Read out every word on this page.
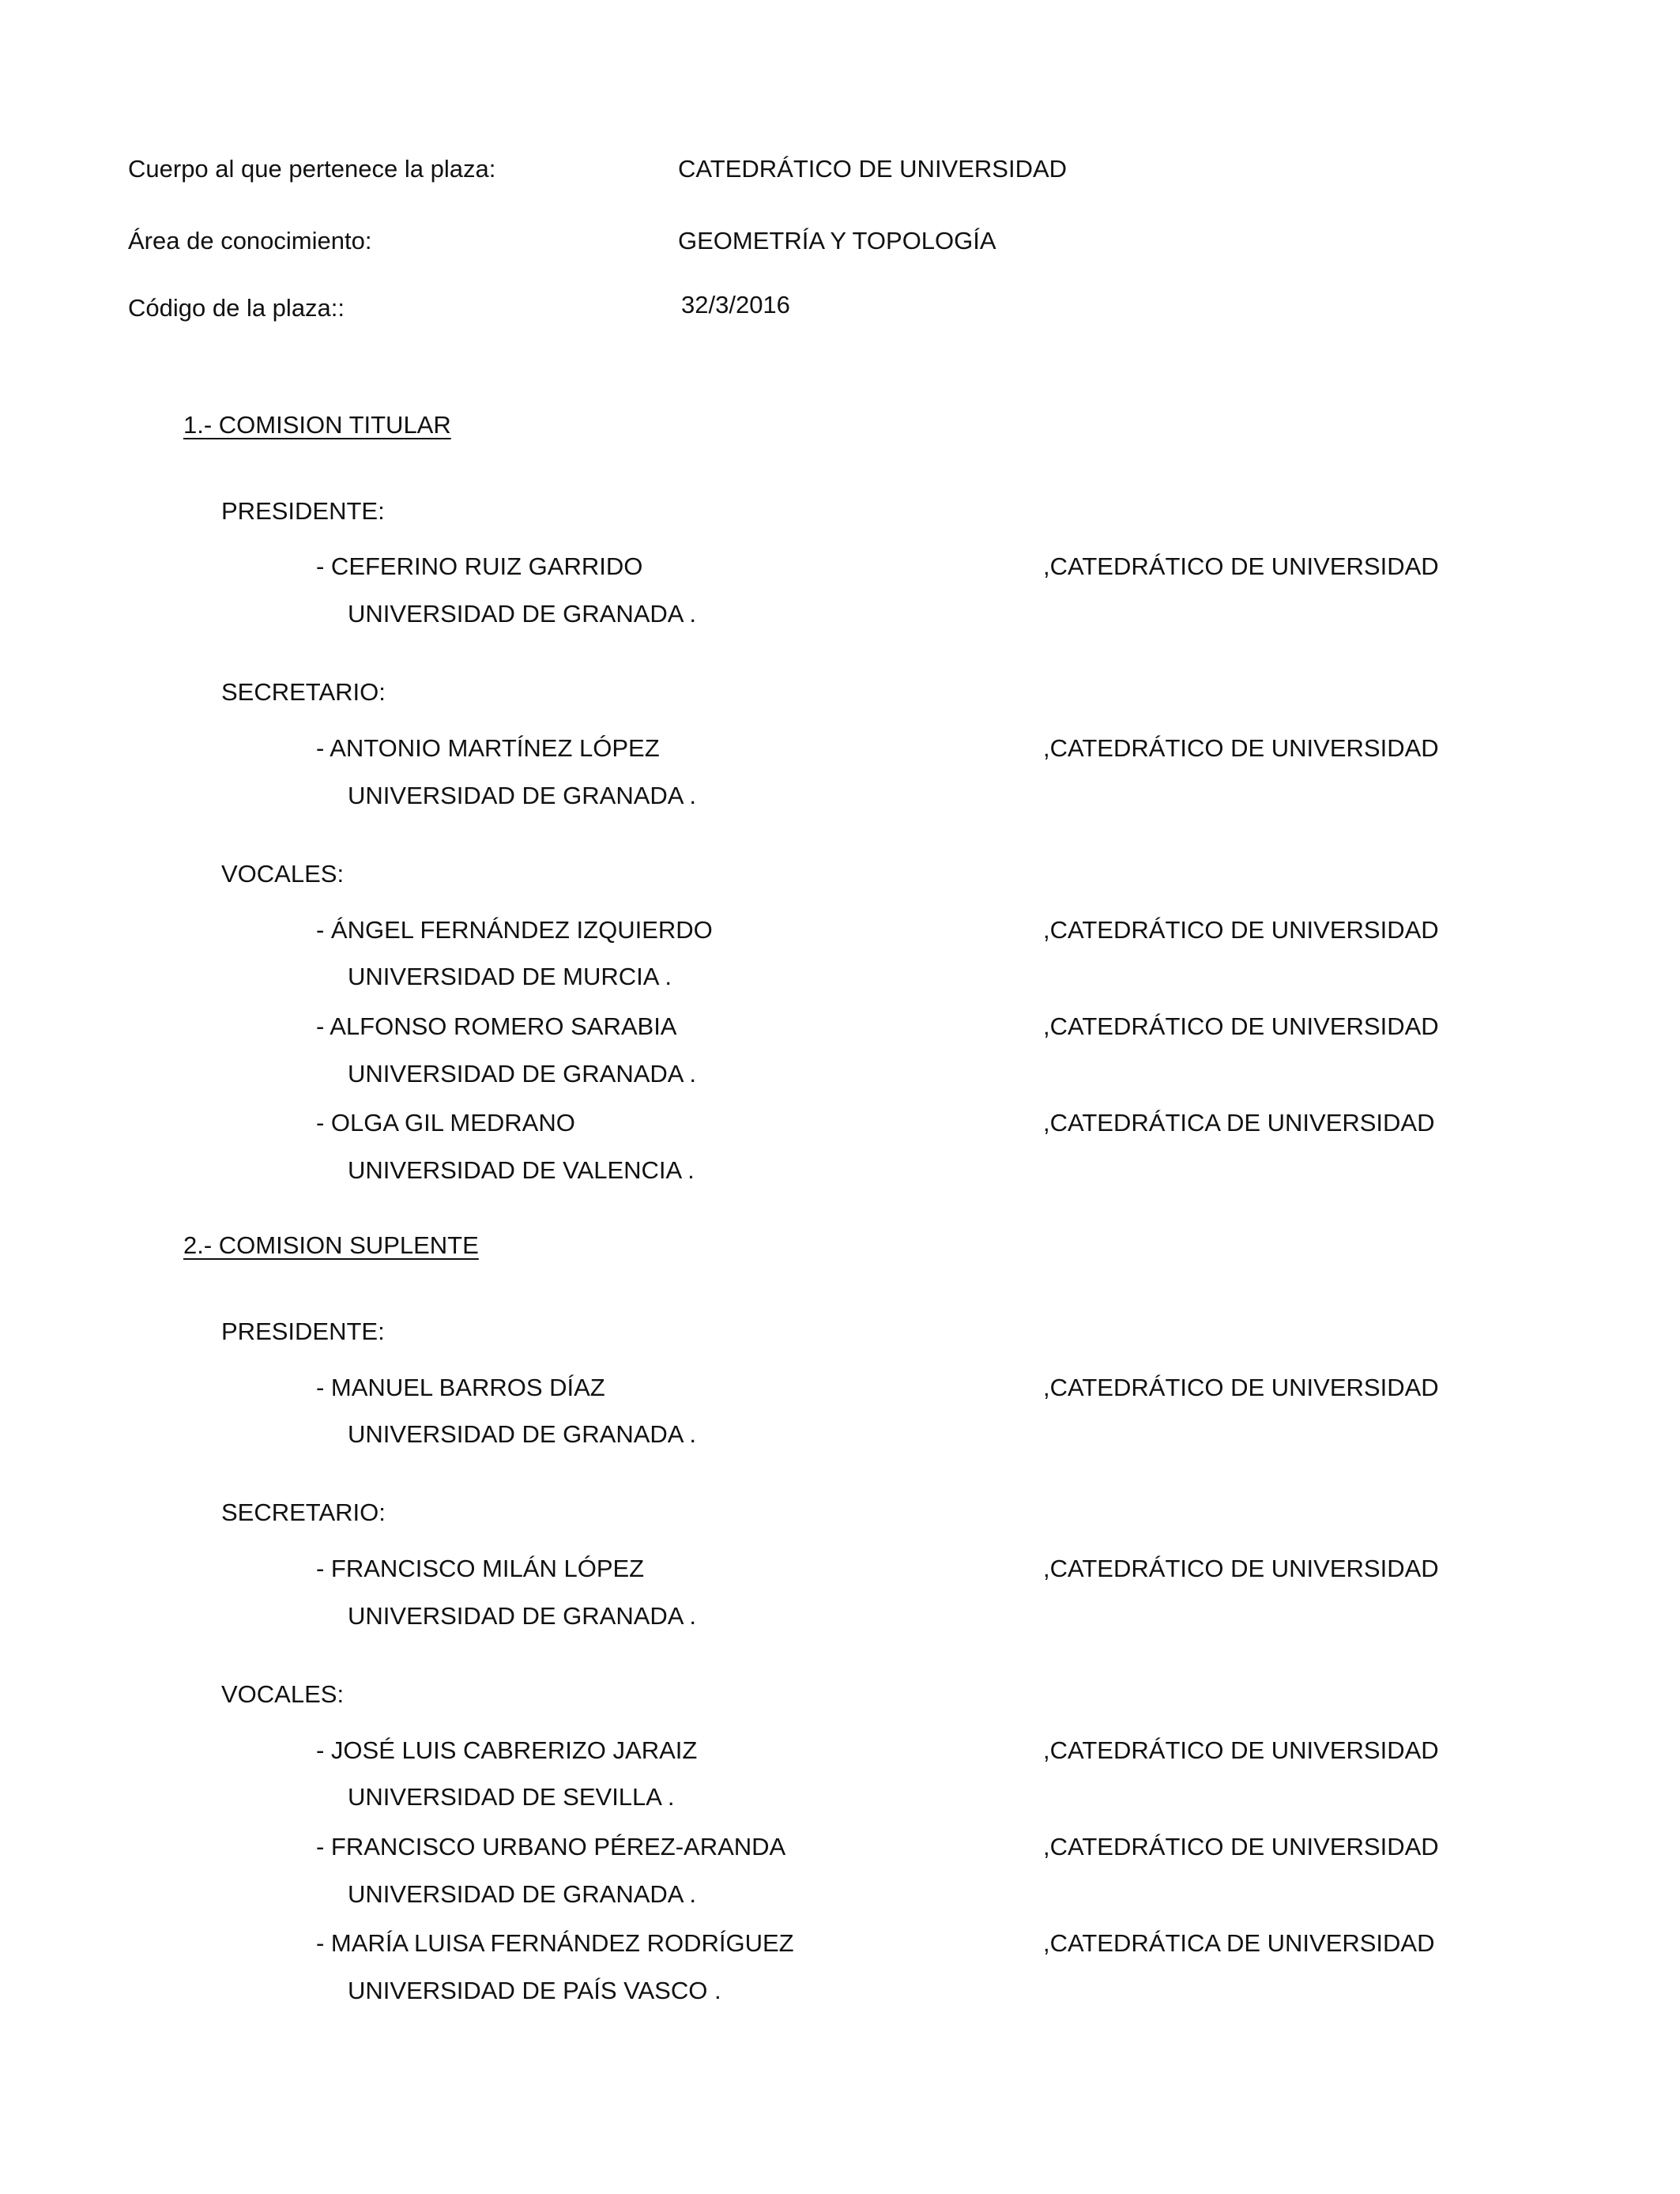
Cuerpo al que pertenece la plaza:	CATEDRÁTICO DE UNIVERSIDAD
Área de conocimiento:	GEOMETRÍA Y TOPOLOGÍA
Código de la plaza::	32/3/2016
1.- COMISION TITULAR
PRESIDENTE:
- CEFERINO RUIZ GARRIDO	,CATEDRÁTICO DE UNIVERSIDAD
UNIVERSIDAD DE GRANADA .
SECRETARIO:
- ANTONIO MARTÍNEZ LÓPEZ	,CATEDRÁTICO DE UNIVERSIDAD
UNIVERSIDAD DE GRANADA .
VOCALES:
- ÁNGEL FERNÁNDEZ IZQUIERDO	,CATEDRÁTICO DE UNIVERSIDAD
UNIVERSIDAD DE MURCIA .
- ALFONSO ROMERO SARABIA	,CATEDRÁTICO DE UNIVERSIDAD
UNIVERSIDAD DE GRANADA .
- OLGA GIL MEDRANO	,CATEDRÁTICA DE UNIVERSIDAD
UNIVERSIDAD DE VALENCIA .
2.- COMISION SUPLENTE
PRESIDENTE:
- MANUEL BARROS DÍAZ	,CATEDRÁTICO DE UNIVERSIDAD
UNIVERSIDAD DE GRANADA .
SECRETARIO:
- FRANCISCO MILÁN LÓPEZ	,CATEDRÁTICO DE UNIVERSIDAD
UNIVERSIDAD DE GRANADA .
VOCALES:
- JOSÉ LUIS CABRERIZO JARAIZ	,CATEDRÁTICO DE UNIVERSIDAD
UNIVERSIDAD DE SEVILLA .
- FRANCISCO URBANO PÉREZ-ARANDA	,CATEDRÁTICO DE UNIVERSIDAD
UNIVERSIDAD DE GRANADA .
- MARÍA LUISA FERNÁNDEZ RODRÍGUEZ	,CATEDRÁTICA DE UNIVERSIDAD
UNIVERSIDAD DE PAÍS VASCO .
